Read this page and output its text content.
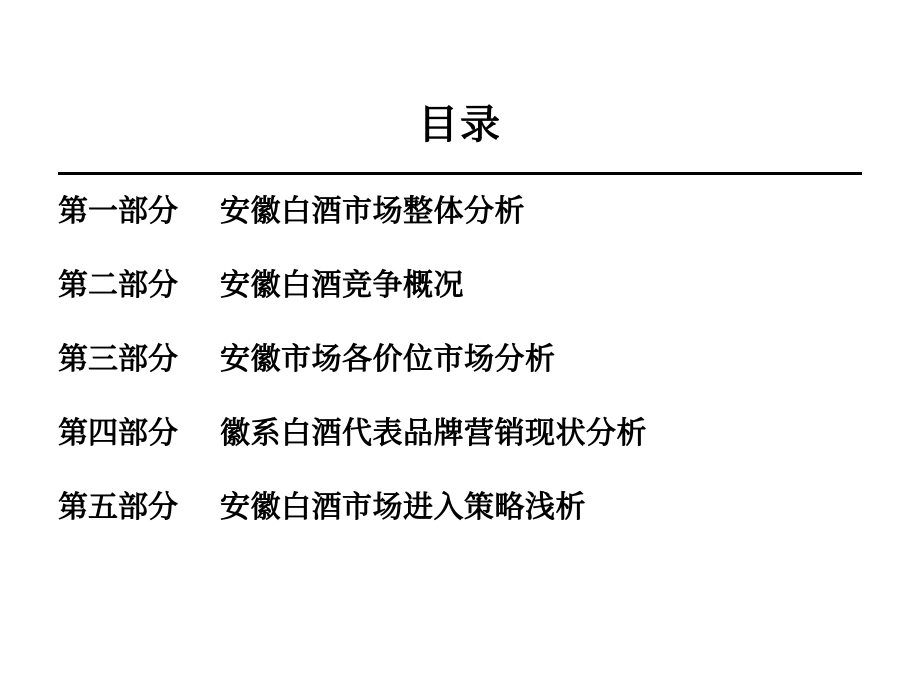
目录
第一部分	安徽白酒市场整体分析
第二部分	安徽白酒竞争概况
第三部分	安徽市场各价位市场分析
第四部分	徽系白酒代表品牌营销现状分析
第五部分	安徽白酒市场进入策略浅析
